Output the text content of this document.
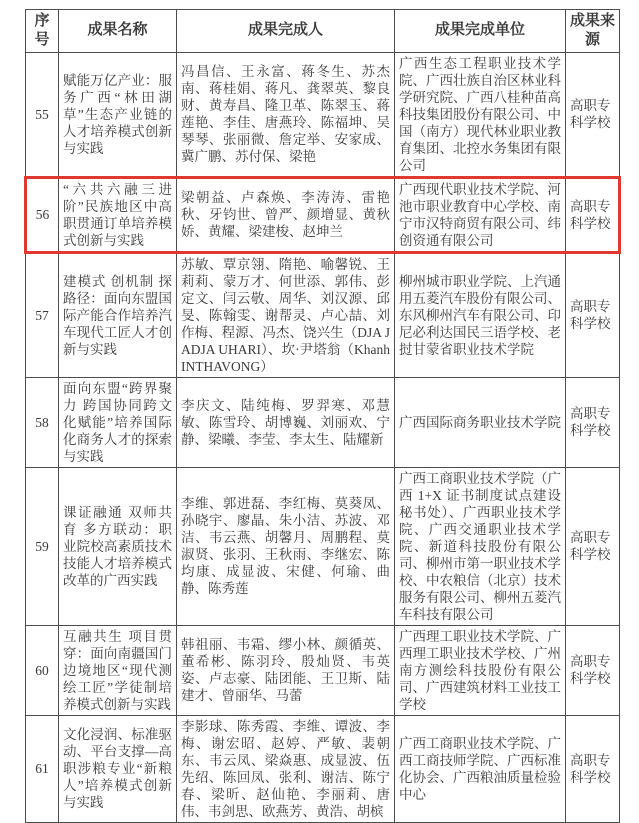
序号	成果名称	成果完成人	成果完成单位	成果来源
55	赋能万亿产业：服务广西“林田湖草”生态产业链的人才培养模式创新与实践	冯昌信、王永富、蒋冬生、苏杰南、蒋桂娟、蒋凡、龚翠英、黎良财、黄寿昌、隆卫革、陈翠玉、蒋莲艳、李佳、唐燕玲、陈福坤、吴琴琴、张丽微、詹定举、安家成、冀广鹏、苏付保、梁艳	广西生态工程职业技术学院、广西壮族自治区林业科学研究院、广西八桂种苗高科技集团股份有限公司、中国（南方）现代林业职业教育集团、北控水务集团有限公司	高职专科学校
56	“六共六融三进阶”民族地区中高职贯通订单培养模式创新与实践	梁朝益、卢森焕、李涛涛、雷艳秋、牙钧世、曾严、颜增显、黄秋娇、黄耀、梁建梭、赵坤兰	广西现代职业技术学院、河池市职业教育中心学校、南宁市汉特商贸有限公司、纬创资通有限公司	高职专科学校
57	建模式 创机制 探路径：面向东盟国际产能合作培养汽车现代工匠人才创新与实践	苏敏、覃京翎、隋艳、喻馨锐、王莉莉、蒙万才、何世添、郭伟、彭定文、闫云敬、周华、刘汉源、邱旻、陈翰雯、谢帮灵、卢心喆、刘作梅、程源、冯杰、饶兴生（DJA JADJA UHARI）、坎·尹塔翁（Khanh INTHAVONG）	柳州城市职业学院、上汽通用五菱汽车股份有限公司、东风柳州汽车有限公司、印尼必利达国民三语学校、老挝甘蒙省职业技术学院	高职专科学校
58	面向东盟“跨界聚力 跨国协同跨文化赋能”培养国际化商务人才的探索与实践	李庆文、陆纯梅、罗羿寒、邓慧敏、陈雪玲、胡博巍、刘丽欢、宁静、梁曦、李莹、李太生、陆耀新	广西国际商务职业技术学院	高职专科学校
59	课证融通 双师共育 多方联动：职业院校高素质技术技能人才培养模式改革的广西实践	李维、郭进磊、李红梅、莫葵凤、孙晓宇、廖晶、朱小洁、苏波、邓洁、韦云燕、胡馨月、周鹏程、莫淑贤、张羽、王秋雨、李继宏、陈均康、成显波、宋健、何瑜、曲静、陈秀莲	广西工商职业技术学院（广西 1+X 证书制度试点建设秘书处）、广西职业技术学院、广西交通职业技术学院、新道科技股份有限公司、柳州市第一职业技术学校、中农粮信（北京）技术服务有限公司、柳州五菱汽车科技有限公司	高职专科学校
60	互融共生 项目贯穿：面向南疆国门边境地区“现代测绘工匠”学徒制培养模式创新与实践	韩祖丽、韦霜、缪小林、颜循英、董希彬、陈羽玲、殷灿贤、韦英姿、卢志豪、陆团能、王卫斯、陆建才、曾丽华、马蕾	广西理工职业技术学院、广西理工职业技术学校、广州南方测绘科技股份有限公司、广西建筑材料工业技工学校	高职专科学校
61	文化浸润、标准驱动、平台支撑—高职涉粮专业“新粮人”培养模式创新与实践	李影球、陈秀霞、李维、谭波、李梅、谢宏昭、赵婷、严敏、裴朝东、韦云凤、梁焱惠、成显波、伍先绍、陈回凤、张利、谢洁、陈宁春、梁昕、赵仙艳、李丽莉、唐伟、韦剑思、欧燕芳、黄浩、胡槟	广西工商职业技术学院、广西工商技师学院、广西标准化协会、广西粮油质量检验中心	高职专科学校
